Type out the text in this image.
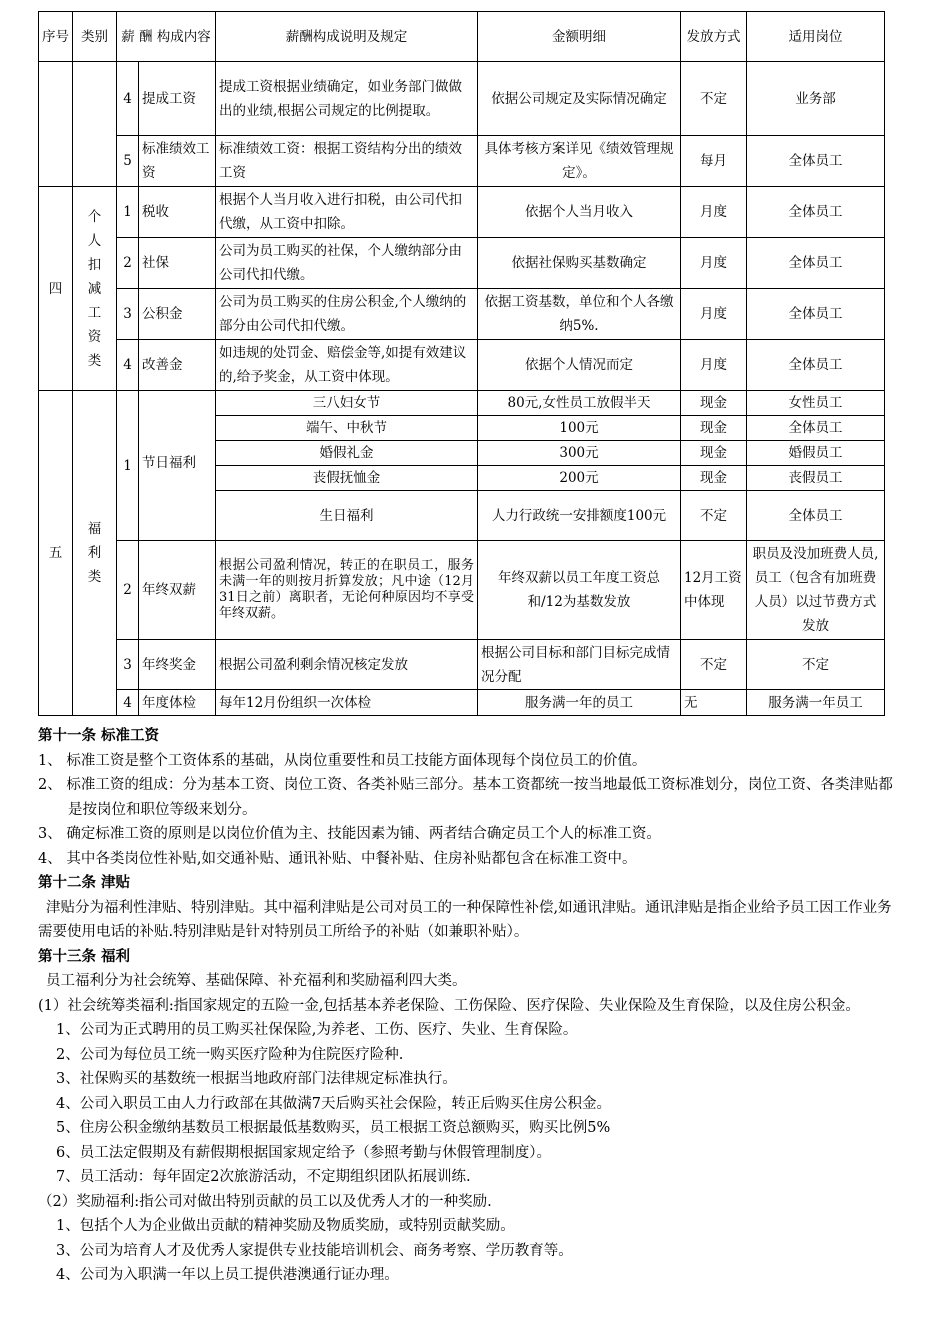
序号	类别	薪 酬 构成内容		薪酬构成说明及规定	金额明细	发放方式	适用岗位
		4	提成工资	提成工资根据业绩确定，如业务部门做做出的业绩,根据公司规定的比例提取。	依据公司规定及实际情况确定	不定	业务部
		5	标准绩效工资	标准绩效工资：根据工资结构分出的绩效工资	具体考核方案详见《绩效管理规定》。	每月	全体员工
四	个人扣减工资类	1	税收	根据个人当月收入进行扣税，由公司代扣代缴，从工资中扣除。	依据个人当月收入	月度	全体员工
		2	社保	公司为员工购买的社保，个人缴纳部分由公司代扣代缴。	依据社保购买基数确定	月度	全体员工
		3	公积金	公司为员工购买的住房公积金,个人缴纳的部分由公司代扣代缴。	依据工资基数，单位和个人各缴纳5%.	月度	全体员工
		4	改善金	如违规的处罚金、赔偿金等,如提有效建议的,给予奖金，从工资中体现。	依据个人情况而定	月度	全体员工
五	福利类	1	节日福利	三八妇女节	80元,女性员工放假半天	现金	女性员工
				端午、中秋节	100元	现金	全体员工
				婚假礼金	300元	现金	婚假员工
				丧假抚恤金	200元	现金	丧假员工
				生日福利	人力行政统一安排额度100元	不定	全体员工
		2	年终双薪	根据公司盈利情况，转正的在职员工，服务未满一年的则按月折算发放；凡中途（12月31日之前）离职者，无论何种原因均不享受年终双薪。	年终双薪以员工年度工资总和/12为基数发放	12月工资中体现	职员及没加班费人员,员工（包含有加班费人员）以过节费方式发放
		3	年终奖金	根据公司盈利剩余情况核定发放	根据公司目标和部门目标完成情况分配	不定	不定
		4	年度体检	每年12月份组织一次体检	服务满一年的员工	无	服务满一年员工

第十一条 标准工资

1、 标准工资是整个工资体系的基础，从岗位重要性和员工技能方面体现每个岗位员工的价值。

2、 标准工资的组成：分为基本工资、岗位工资、各类补贴三部分。基本工资都统一按当地最低工资标准划分，岗位工资、各类津贴都是按岗位和职位等级来划分。

3、 确定标准工资的原则是以岗位价值为主、技能因素为铺、两者结合确定员工个人的标准工资。

4、 其中各类岗位性补贴,如交通补贴、通讯补贴、中餐补贴、住房补贴都包含在标准工资中。

第十二条 津贴

津贴分为福利性津贴、特别津贴。其中福利津贴是公司对员工的一种保障性补偿,如通讯津贴。通讯津贴是指企业给予员工因工作业务需要使用电话的补贴.特别津贴是针对特别员工所给予的补贴（如兼职补贴）。

第十三条 福利

员工福利分为社会统筹、基础保障、补充福利和奖励福利四大类。

(1）社会统筹类福利:指国家规定的五险一金,包括基本养老保险、工伤保险、医疗保险、失业保险及生育保险，以及住房公积金。

1、公司为正式聘用的员工购买社保保险,为养老、工伤、医疗、失业、生育保险。

2、公司为每位员工统一购买医疗险种为住院医疗险种.

3、社保购买的基数统一根据当地政府部门法律规定标准执行。

4、公司入职员工由人力行政部在其做满7天后购买社会保险，转正后购买住房公积金。

5、住房公积金缴纳基数员工根据最低基数购买，员工根据工资总额购买，购买比例5%

6、员工法定假期及有薪假期根据国家规定给予（参照考勤与休假管理制度）。

7、员工活动：每年固定2次旅游活动，不定期组织团队拓展训练.

（2）奖励福利:指公司对做出特别贡献的员工以及优秀人才的一种奖励.

1、包括个人为企业做出贡献的精神奖励及物质奖励，或特别贡献奖励。

3、公司为培育人才及优秀人家提供专业技能培训机会、商务考察、学历教育等。

4、公司为入职满一年以上员工提供港澳通行证办理。
